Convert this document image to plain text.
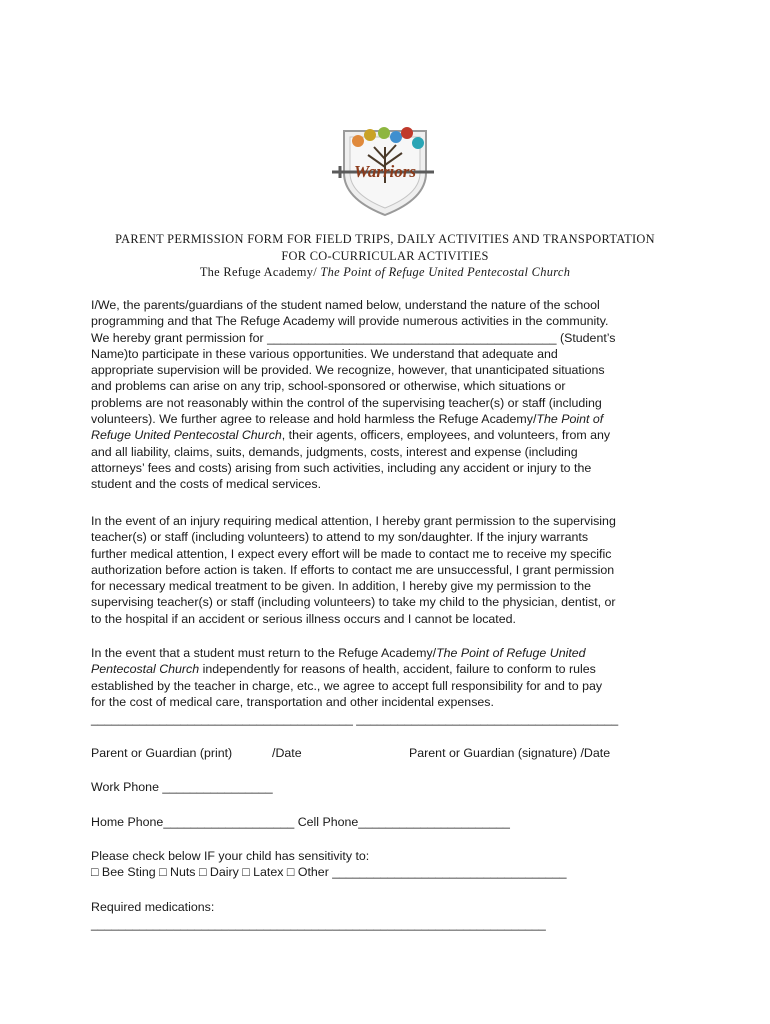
Warriors
PARENT PERMISSION FORM FOR FIELD TRIPS, DAILY ACTIVITIES AND TRANSPORTATION
FOR CO-CURRICULAR ACTIVITIES
The Refuge Academy/ The Point of Refuge United Pentecostal Church
I/We, the parents/guardians of the student named below, understand the nature of the school
programming and that The Refuge Academy will provide numerous activities in the community.
We hereby grant permission for __________________________________________ (Student’s
Name)to participate in these various opportunities. We understand that adequate and
appropriate supervision will be provided. We recognize, however, that unanticipated situations
and problems can arise on any trip, school-sponsored or otherwise, which situations or
problems are not reasonably within the control of the supervising teacher(s) or staff (including
volunteers). We further agree to release and hold harmless the Refuge Academy/The Point of
Refuge United Pentecostal Church, their agents, officers, employees, and volunteers, from any
and all liability, claims, suits, demands, judgments, costs, interest and expense (including
attorneys’ fees and costs) arising from such activities, including any accident or injury to the
student and the costs of medical services.
In the event of an injury requiring medical attention, I hereby grant permission to the supervising
teacher(s) or staff (including volunteers) to attend to my son/daughter. If the injury warrants
further medical attention, I expect every effort will be made to contact me to receive my specific
authorization before action is taken. If efforts to contact me are unsuccessful, I grant permission
for necessary medical treatment to be given. In addition, I hereby give my permission to the
supervising teacher(s) or staff (including volunteers) to take my child to the physician, dentist, or
to the hospital if an accident or serious illness occurs and I cannot be located.
In the event that a student must return to the Refuge Academy/The Point of Refuge United
Pentecostal Church independently for reasons of health, accident, failure to conform to rules
established by the teacher in charge, etc., we agree to accept full responsibility for and to pay
for the cost of medical care, transportation and other incidental expenses.
______________________________________ ______________________________________
Parent or Guardian (print)	/Date	Parent or Guardian (signature) /Date
Work Phone ________________
Home Phone___________________ Cell Phone______________________
Please check below IF your child has sensitivity to:
□ Bee Sting □ Nuts □ Dairy □ Latex □ Other __________________________________
Required medications:
__________________________________________________________________
